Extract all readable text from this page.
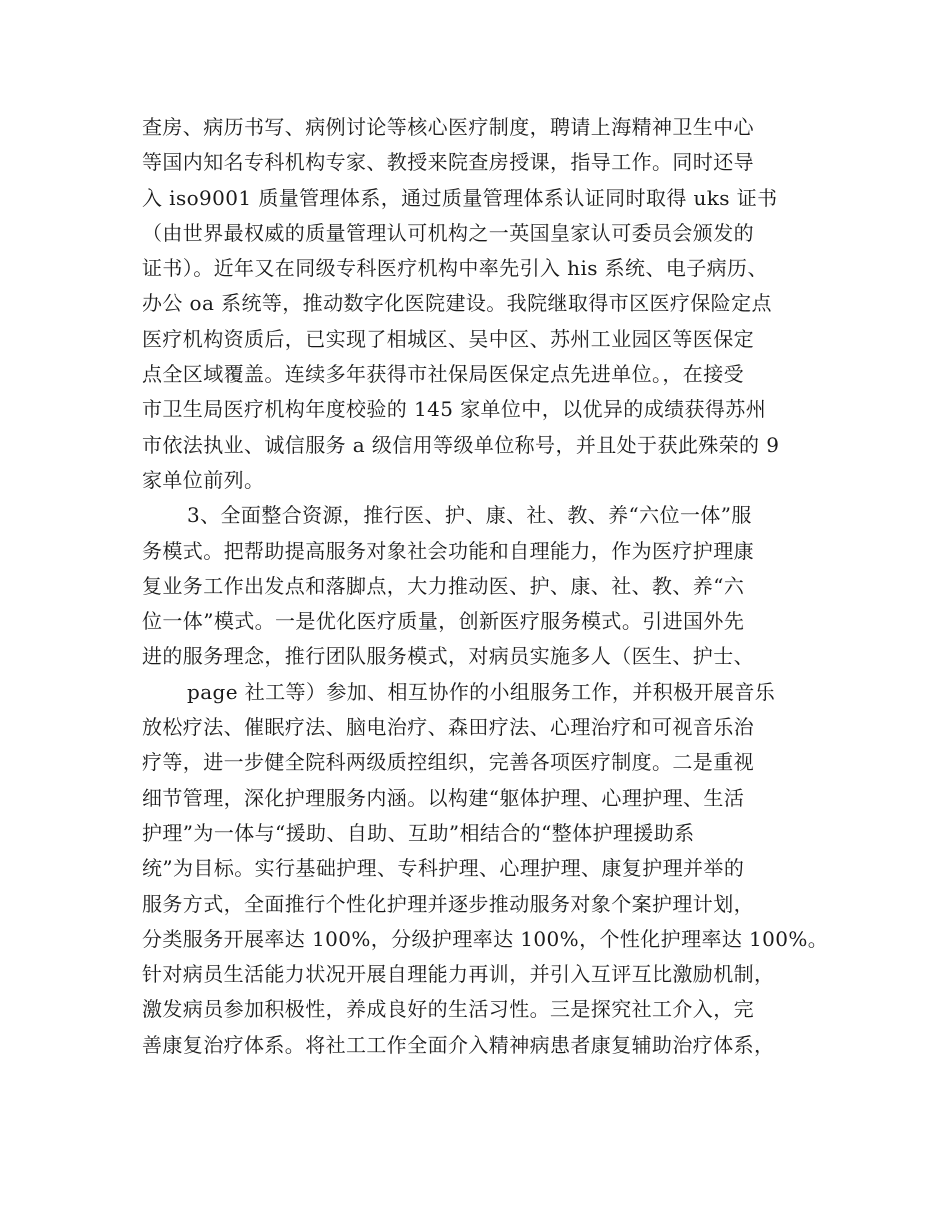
查房、病历书写、病例讨论等核心医疗制度，聘请上海精神卫生中心
等国内知名专科机构专家、教授来院查房授课，指导工作。同时还导
入 iso9001 质量管理体系，通过质量管理体系认证同时取得 uks 证书
（由世界最权威的质量管理认可机构之一英国皇家认可委员会颁发的
证书）。近年又在同级专科医疗机构中率先引入 his 系统、电子病历、
办公 oa 系统等，推动数字化医院建设。我院继取得市区医疗保险定点
医疗机构资质后，已实现了相城区、吴中区、苏州工业园区等医保定
点全区域覆盖。连续多年获得市社保局医保定点先进单位。，在接受
市卫生局医疗机构年度校验的 145 家单位中，以优异的成绩获得苏州
市依法执业、诚信服务 a 级信用等级单位称号，并且处于获此殊荣的 9
家单位前列。
3、全面整合资源，推行医、护、康、社、教、养“六位一体”服
务模式。把帮助提高服务对象社会功能和自理能力，作为医疗护理康
复业务工作出发点和落脚点，大力推动医、护、康、社、教、养“六
位一体”模式。一是优化医疗质量，创新医疗服务模式。引进国外先
进的服务理念，推行团队服务模式，对病员实施多人（医生、护士、
page 社工等）参加、相互协作的小组服务工作，并积极开展音乐
放松疗法、催眠疗法、脑电治疗、森田疗法、心理治疗和可视音乐治
疗等，进一步健全院科两级质控组织，完善各项医疗制度。二是重视
细节管理，深化护理服务内涵。以构建“躯体护理、心理护理、生活
护理”为一体与“援助、自助、互助”相结合的“整体护理援助系
统”为目标。实行基础护理、专科护理、心理护理、康复护理并举的
服务方式，全面推行个性化护理并逐步推动服务对象个案护理计划，
分类服务开展率达 100%，分级护理率达 100%，个性化护理率达 100%。
针对病员生活能力状况开展自理能力再训，并引入互评互比激励机制，
激发病员参加积极性，养成良好的生活习性。三是探究社工介入，完
善康复治疗体系。将社工工作全面介入精神病患者康复辅助治疗体系，
